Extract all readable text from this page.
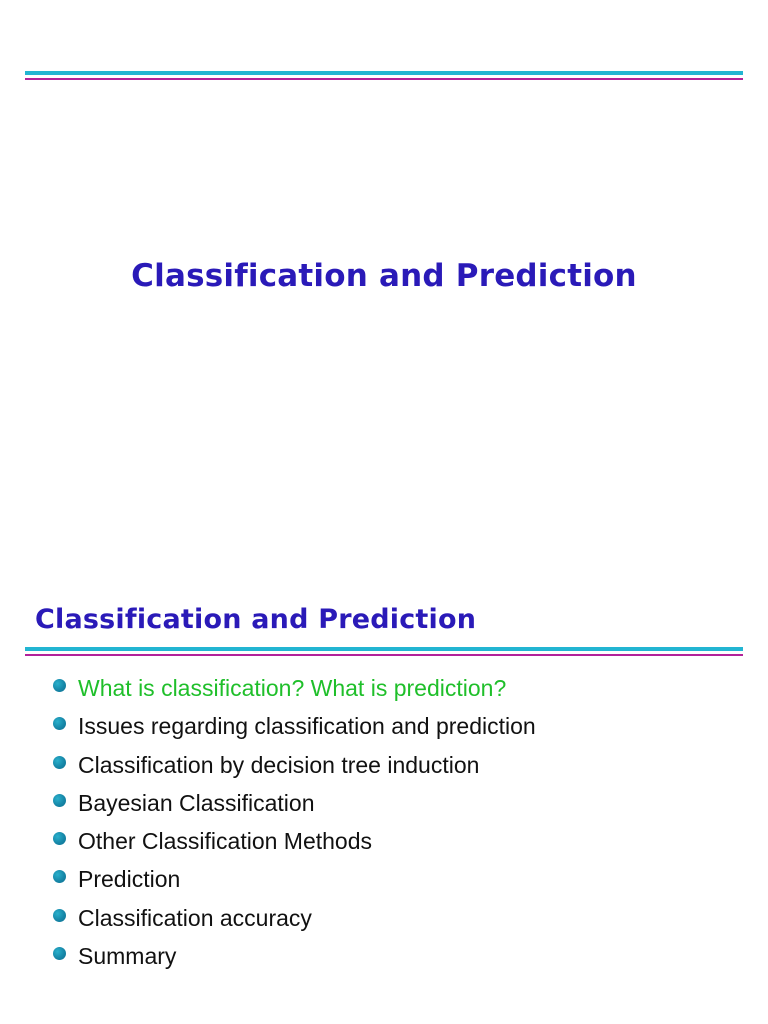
Classification and Prediction
Classification and Prediction
What is classification? What is prediction?
Issues regarding classification and prediction
Classification by decision tree induction
Bayesian Classification
Other Classification Methods
Prediction
Classification accuracy
Summary
